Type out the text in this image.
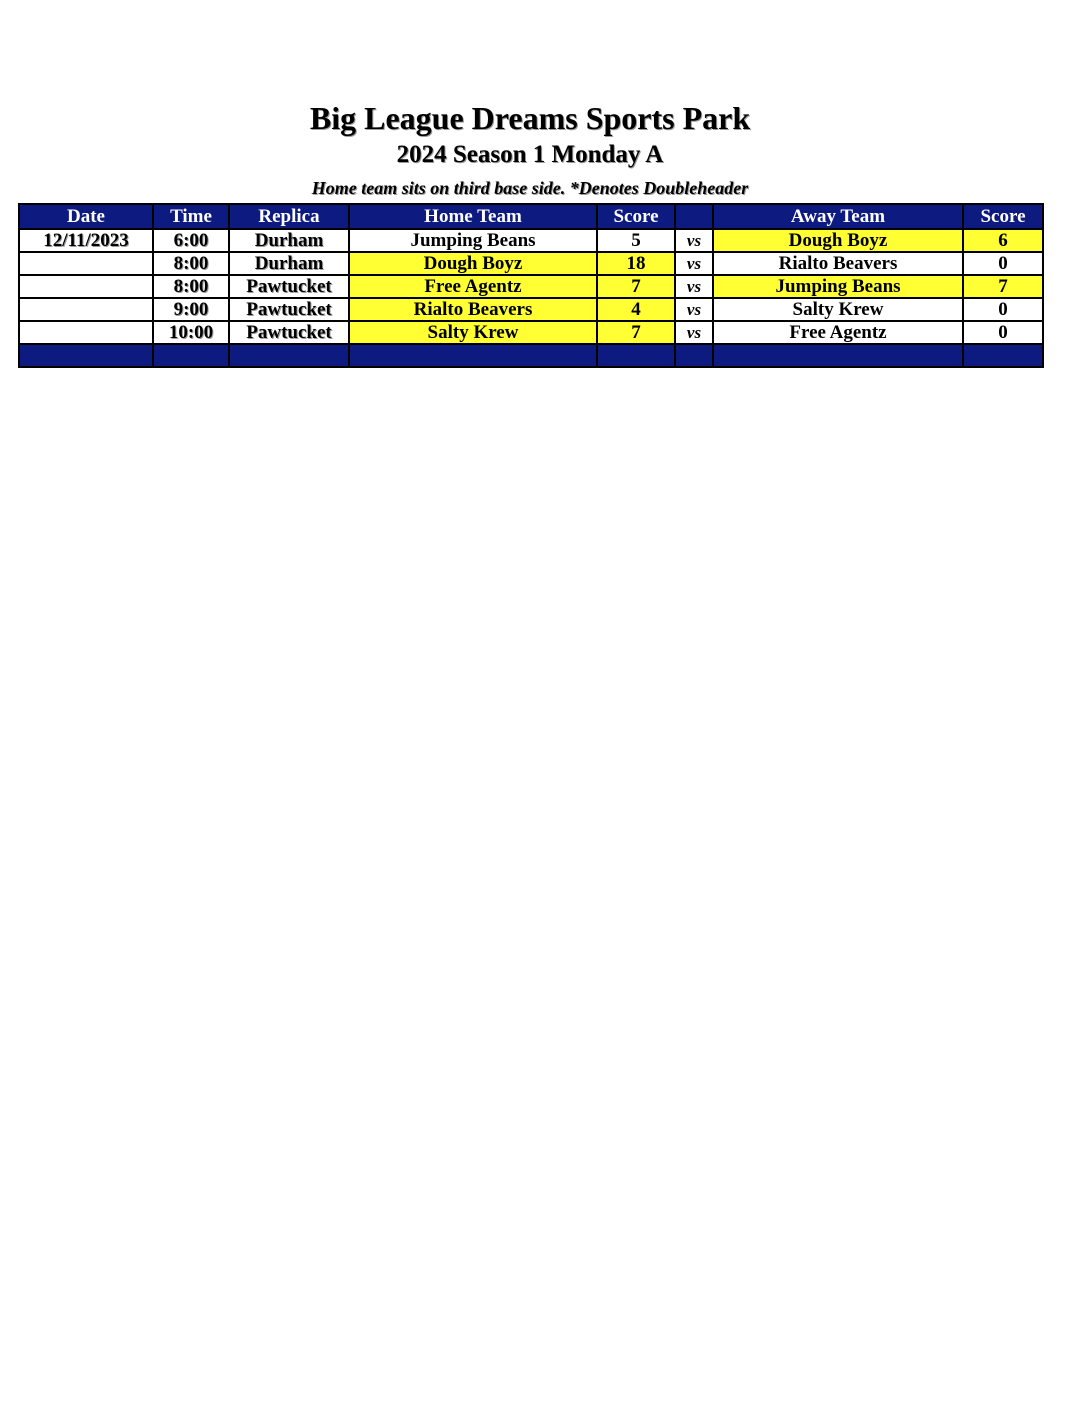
Big League Dreams Sports Park
2024 Season 1 Monday A
Home team sits on third base side. *Denotes Doubleheader
Date	Time	Replica	Home Team	Score		Away Team	Score
12/11/2023	6:00	Durham	Jumping Beans	5	vs	Dough Boyz	6
	8:00	Durham	Dough Boyz	18	vs	Rialto Beavers	0
	8:00	Pawtucket	Free Agentz	7	vs	Jumping Beans	7
	9:00	Pawtucket	Rialto Beavers	4	vs	Salty Krew	0
	10:00	Pawtucket	Salty Krew	7	vs	Free Agentz	0
